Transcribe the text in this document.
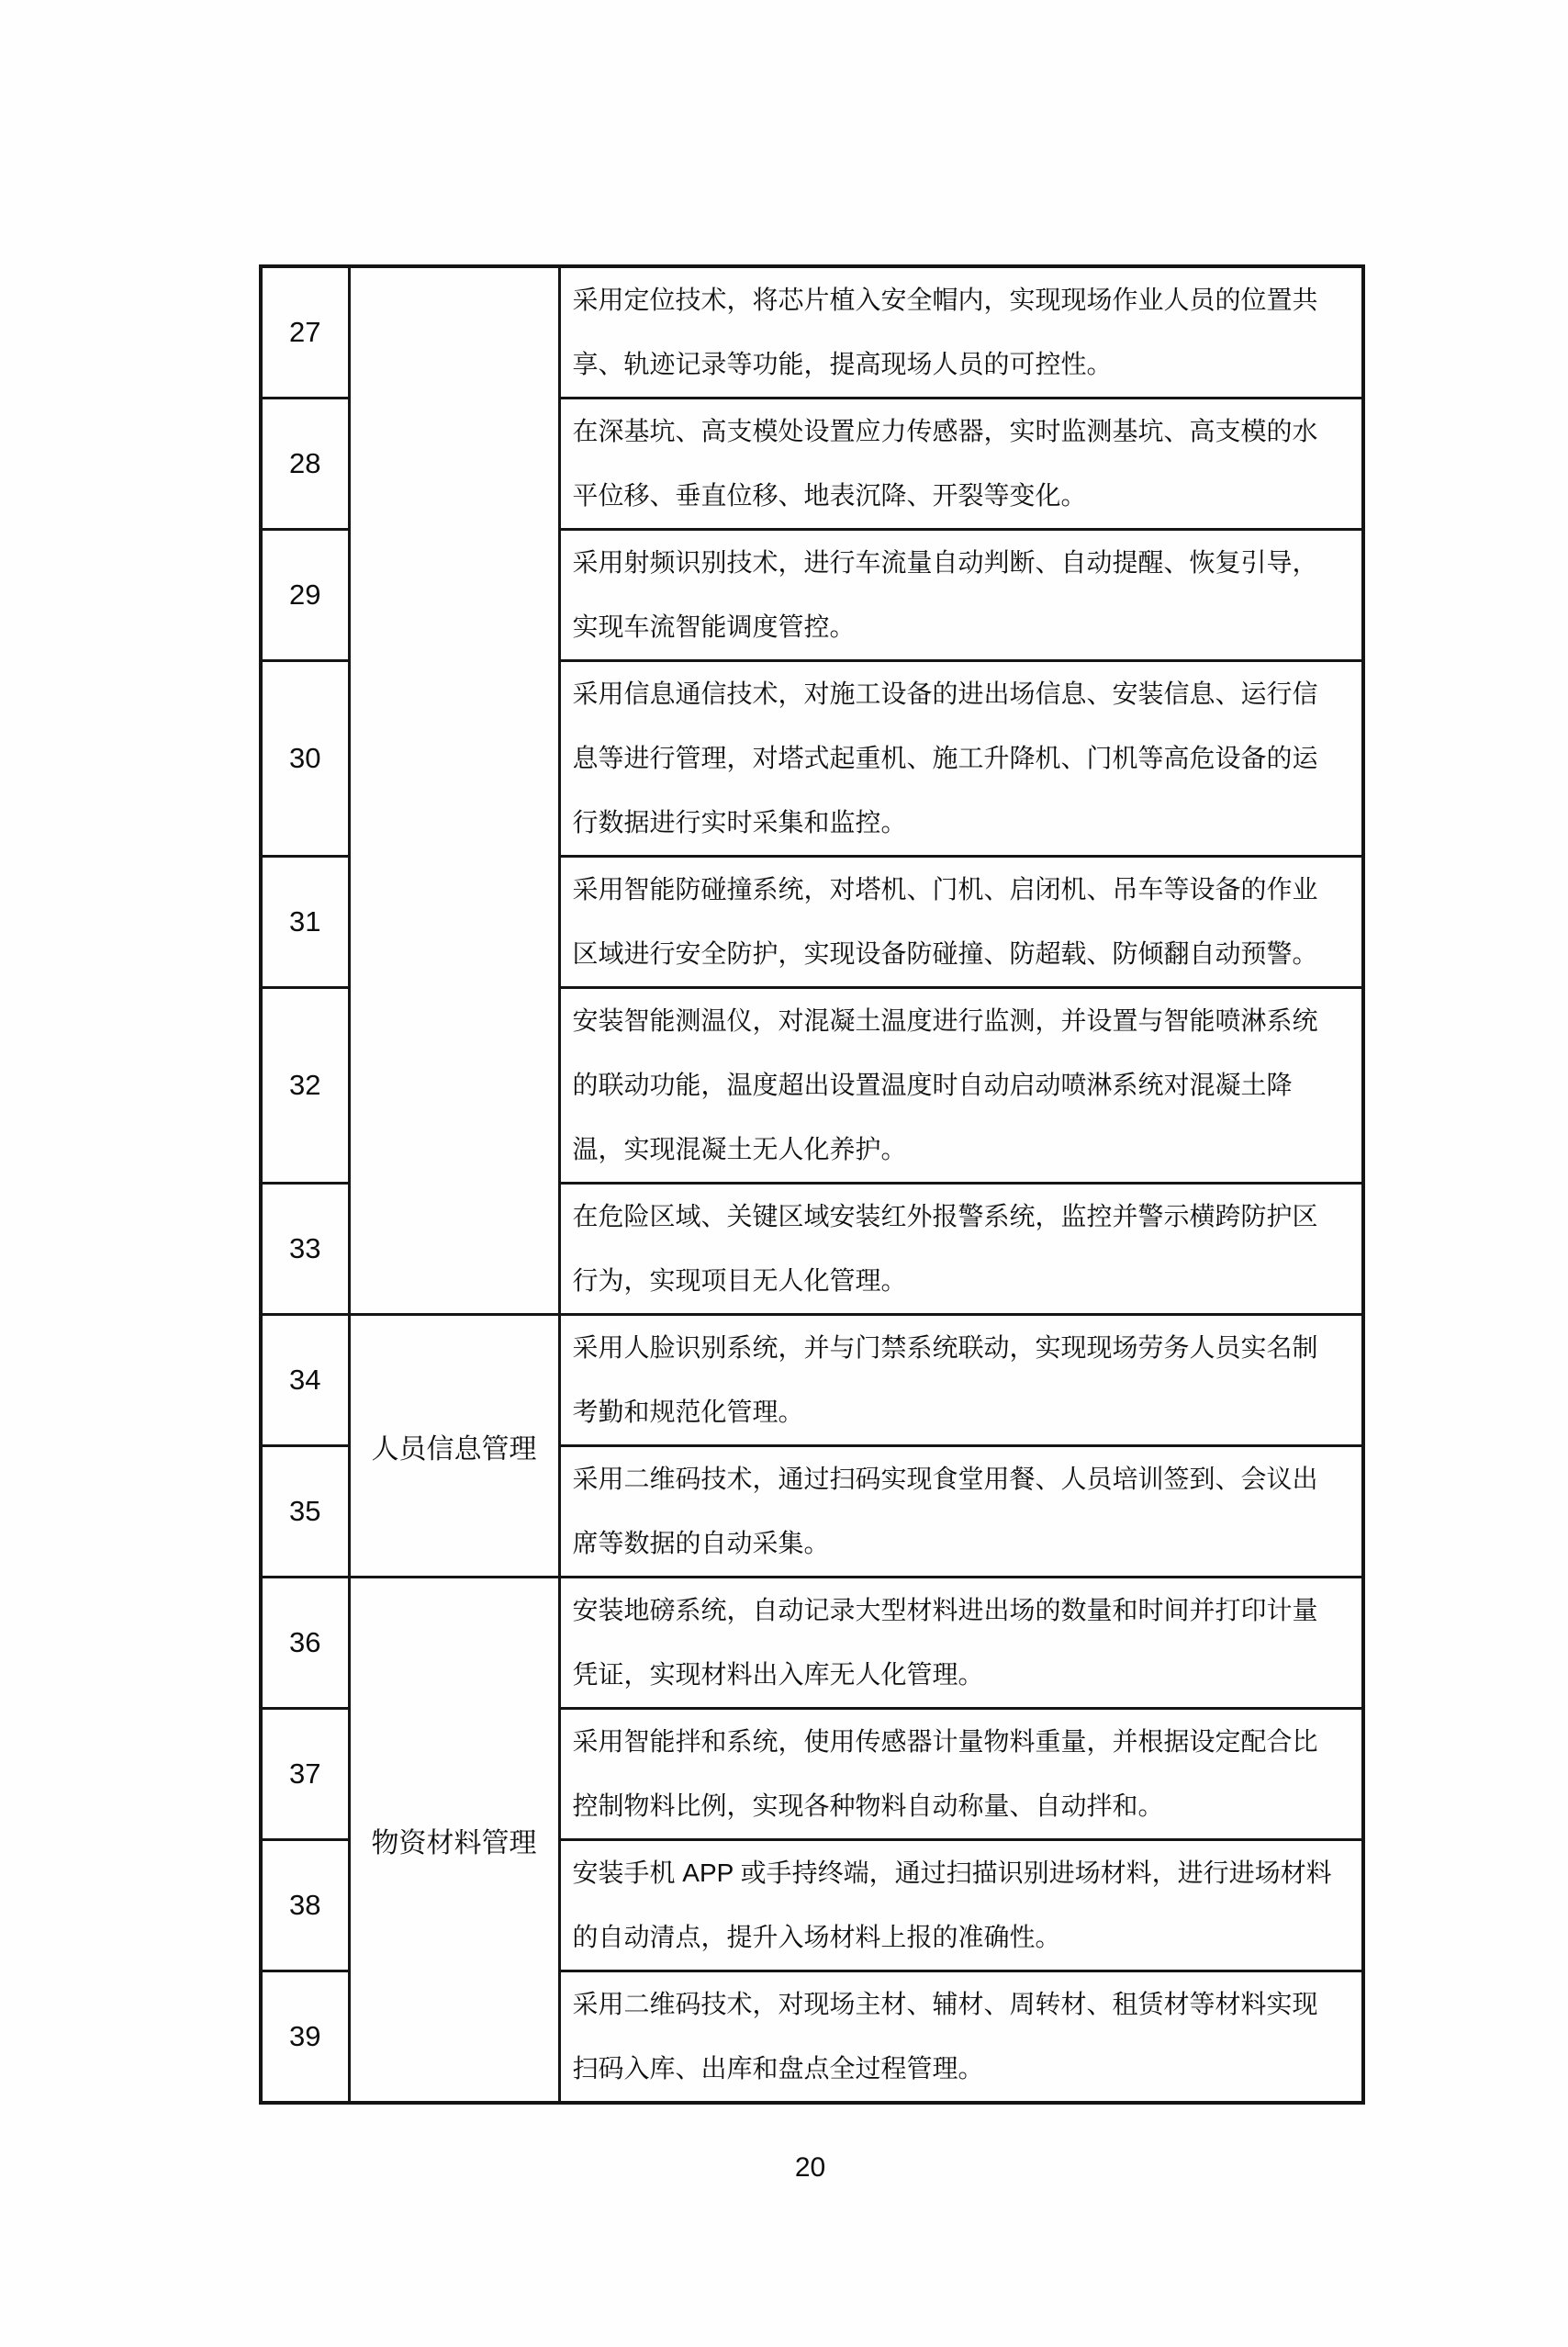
27		采用定位技术，将芯片植入安全帽内，实现现场作业人员的位置共
享、轨迹记录等功能，提高现场人员的可控性。

28		在深基坑、高支模处设置应力传感器，实时监测基坑、高支模的水
平位移、垂直位移、地表沉降、开裂等变化。

29		采用射频识别技术，进行车流量自动判断、自动提醒、恢复引导，
实现车流智能调度管控。

30		采用信息通信技术，对施工设备的进出场信息、安装信息、运行信
息等进行管理，对塔式起重机、施工升降机、门机等高危设备的运
行数据进行实时采集和监控。

31		采用智能防碰撞系统，对塔机、门机、启闭机、吊车等设备的作业
区域进行安全防护，实现设备防碰撞、防超载、防倾翻自动预警。

32		安装智能测温仪，对混凝土温度进行监测，并设置与智能喷淋系统
的联动功能，温度超出设置温度时自动启动喷淋系统对混凝土降
温，实现混凝土无人化养护。

33		在危险区域、关键区域安装红外报警系统，监控并警示横跨防护区
行为，实现项目无人化管理。

34	人员信息管理	采用人脸识别系统，并与门禁系统联动，实现现场劳务人员实名制
考勤和规范化管理。

35		采用二维码技术，通过扫码实现食堂用餐、人员培训签到、会议出
席等数据的自动采集。

36	物资材料管理	安装地磅系统，自动记录大型材料进出场的数量和时间并打印计量
凭证，实现材料出入库无人化管理。

37		采用智能拌和系统，使用传感器计量物料重量，并根据设定配合比
控制物料比例，实现各种物料自动称量、自动拌和。

38		安装手机 APP 或手持终端，通过扫描识别进场材料，进行进场材料
的自动清点，提升入场材料上报的准确性。

39		采用二维码技术，对现场主材、辅材、周转材、租赁材等材料实现
扫码入库、出库和盘点全过程管理。
20
